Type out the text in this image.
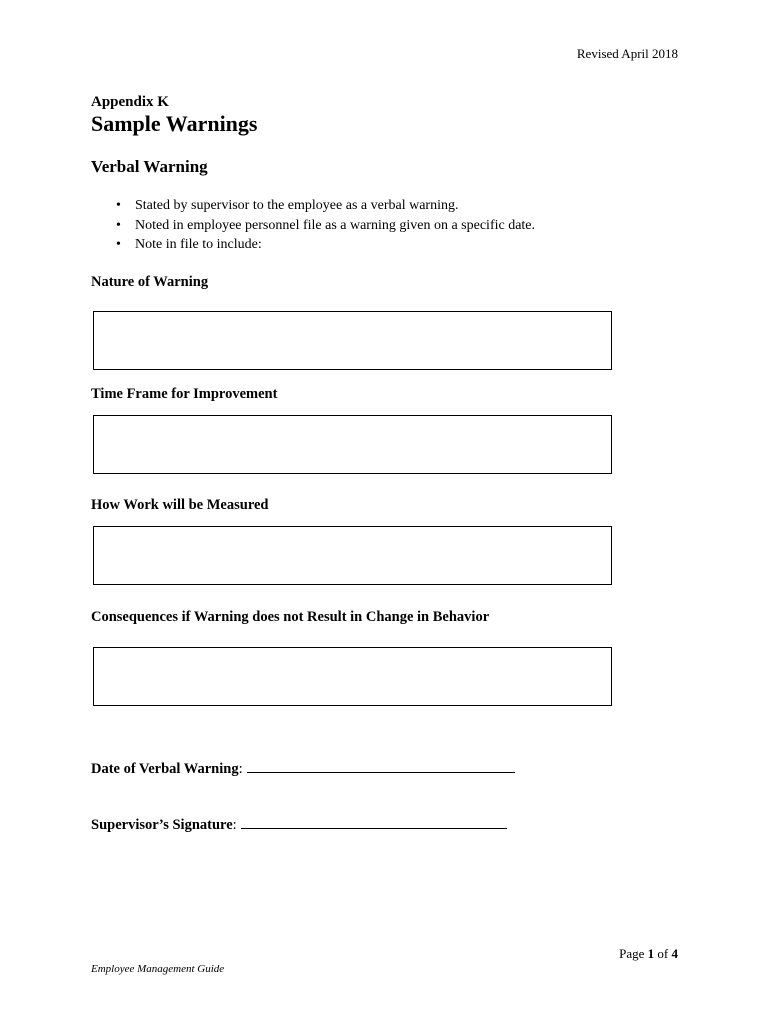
Revised April 2018
Appendix K
Sample Warnings
Verbal Warning
• Stated by supervisor to the employee as a verbal warning.
• Noted in employee personnel file as a warning given on a specific date.
• Note in file to include:
Nature of Warning
Time Frame for Improvement
How Work will be Measured
Consequences if Warning does not Result in Change in Behavior
Date of Verbal Warning:
Supervisor’s Signature:
Page 1 of 4
Employee Management Guide
